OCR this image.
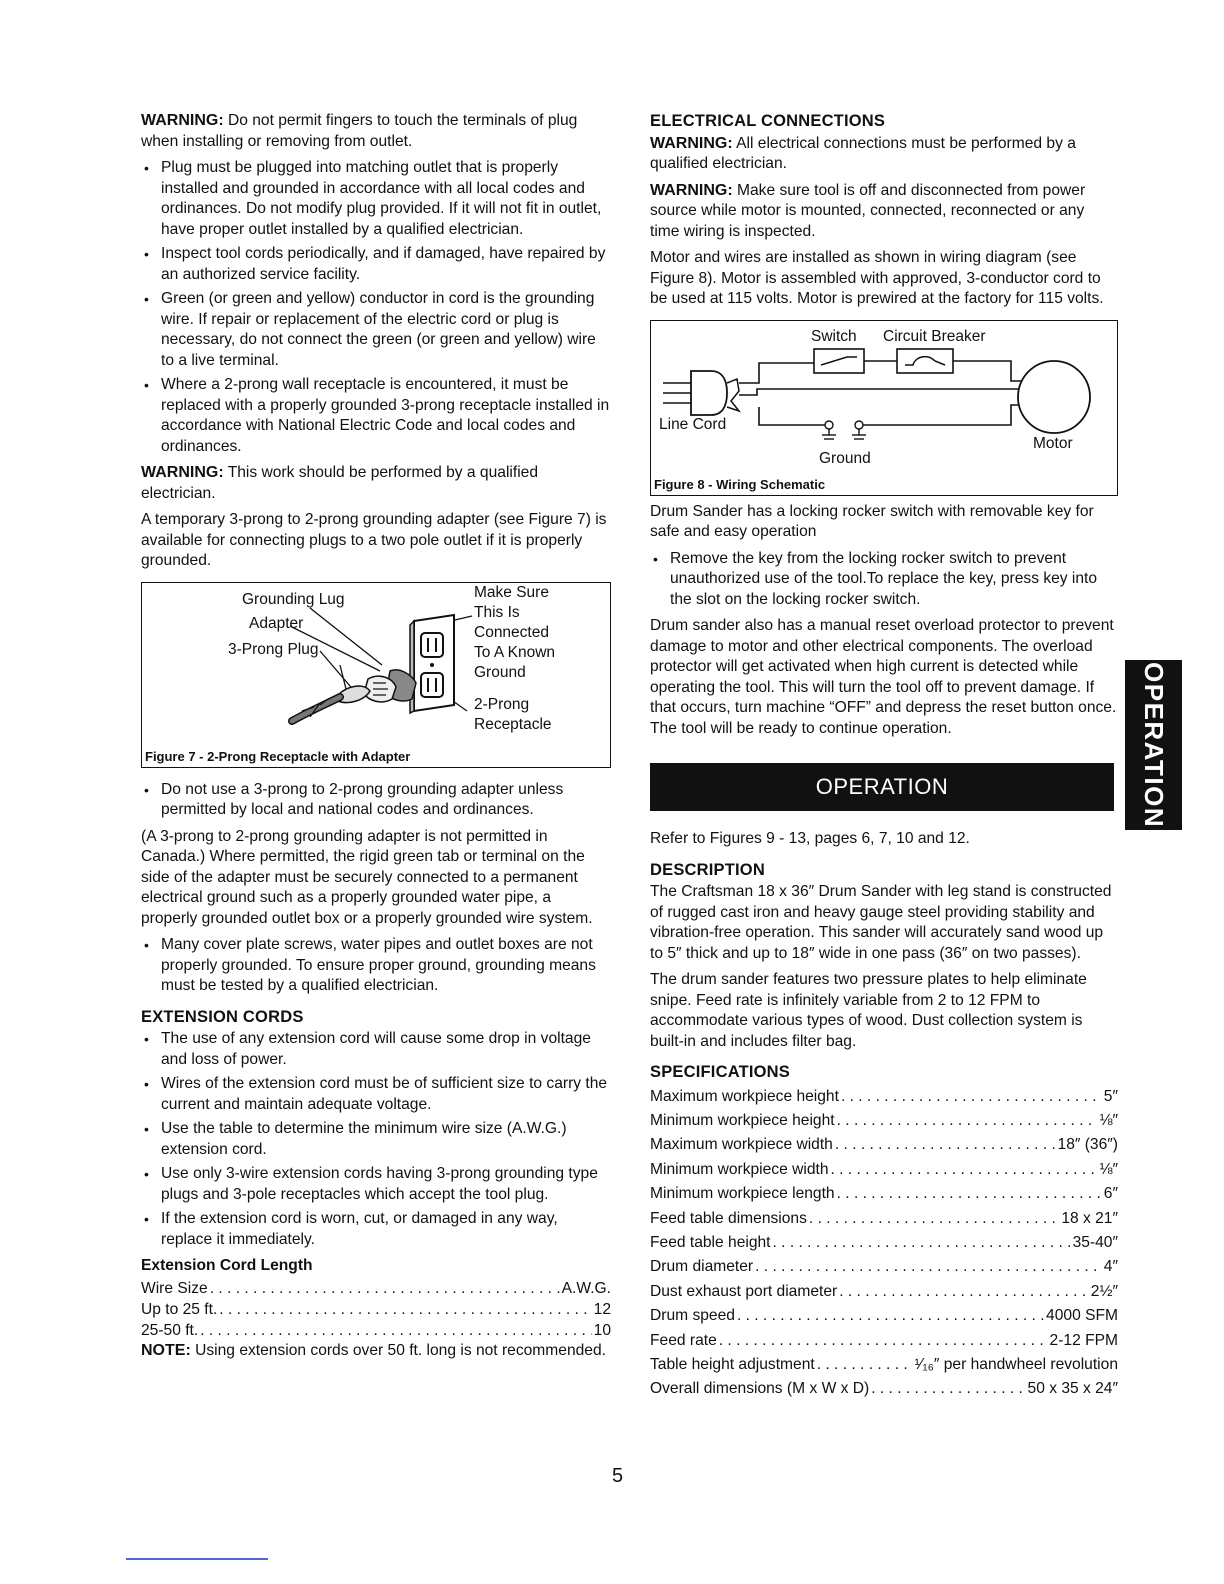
WARNING: Do not permit fingers to touch the terminals of plug when installing or removing from outlet.

• Plug must be plugged into matching outlet that is properly installed and grounded in accordance with all local codes and ordinances. Do not modify plug provided. If it will not fit in outlet, have proper outlet installed by a qualified electrician.
• Inspect tool cords periodically, and if damaged, have repaired by an authorized service facility.
• Green (or green and yellow) conductor in cord is the grounding wire. If repair or replacement of the electric cord or plug is necessary, do not connect the green (or green and yellow) wire to a live terminal.
• Where a 2-prong wall receptacle is encountered, it must be replaced with a properly grounded 3-prong receptacle installed in accordance with National Electric Code and local codes and ordinances.

WARNING: This work should be performed by a qualified electrician.

A temporary 3-prong to 2-prong grounding adapter (see Figure 7) is available for connecting plugs to a two pole outlet if it is properly grounded.

Grounding Lug
Adapter
3-Prong Plug
Make Sure
This Is
Connected
To A Known
Ground
2-Prong
Receptacle
Figure 7 - 2-Prong Receptacle with Adapter
• Do not use a 3-prong to 2-prong grounding adapter unless permitted by local and national codes and ordinances.

(A 3-prong to 2-prong grounding adapter is not permitted in Canada.) Where permitted, the rigid green tab or terminal on the side of the adapter must be securely connected to a permanent electrical ground such as a properly grounded water pipe, a properly grounded outlet box or a properly grounded wire system.

• Many cover plate screws, water pipes and outlet boxes are not properly grounded. To ensure proper ground, grounding means must be tested by a qualified electrician.
EXTENSION CORDS
• The use of any extension cord will cause some drop in voltage and loss of power.
• Wires of the extension cord must be of sufficient size to carry the current and maintain adequate voltage.
• Use the table to determine the minimum wire size (A.W.G.) extension cord.
• Use only 3-wire extension cords having 3-prong grounding type plugs and 3-pole receptacles which accept the tool plug.
• If the extension cord is worn, cut, or damaged in any way, replace it immediately.
Extension Cord Length
Wire Size . . .	A.W.G.
Up to 25 ft. . . .	12
25-50 ft. . . .	10

NOTE: Using extension cords over 50 ft. long is not recommended.

ELECTRICAL CONNECTIONS

WARNING: All electrical connections must be performed by a qualified electrician.

WARNING: Make sure tool is off and disconnected from power source while motor is mounted, connected, reconnected or any time wiring is inspected.

Motor and wires are installed as shown in wiring diagram (see Figure 8). Motor is assembled with approved, 3-conductor cord to be used at 115 volts. Motor is prewired at the factory for 115 volts.

Switch Circuit Breaker
Line Cord
Ground
Motor
Figure 8 - Wiring Schematic

Drum Sander has a locking rocker switch with removable key for safe and easy operation

• Remove the key from the locking rocker switch to prevent unauthorized use of the tool.To replace the key, press key into the slot on the locking rocker switch.

Drum sander also has a manual reset overload protector to prevent damage to motor and other electrical components. The overload protector will get activated when high current is detected while operating the tool. This will turn the tool off to prevent damage. If that occurs, turn machine “OFF” and depress the reset button once. The tool will be ready to continue operation.

OPERATION

Refer to Figures 9 - 13, pages 6, 7, 10 and 12.

DESCRIPTION

The Craftsman 18 x 36″ Drum Sander with leg stand is constructed of rugged cast iron and heavy gauge steel providing stability and vibration-free operation. This sander will accurately sand wood up to 5″ thick and up to 18″ wide in one pass (36″ on two passes).

The drum sander features two pressure plates to help eliminate snipe. Feed rate is infinitely variable from 2 to 12 FPM to accommodate various types of wood. Dust collection system is built-in and includes filter bag.

SPECIFICATIONS
Maximum workpiece height . . .	5″
Minimum workpiece height . . .	⅛″
Maximum workpiece width . . .	18″ (36″)
Minimum workpiece width . . .	⅛″
Minimum workpiece length . . .	6″
Feed table dimensions . . .	18 x 21″
Feed table height . . .	35-40″
Drum diameter . . .	4″
Dust exhaust port diameter . . .	2½″
Drum speed . . .	4000 SFM
Feed rate . . .	2-12 FPM
Table height adjustment . . .	¹⁄₁₆″ per handwheel revolution
Overall dimensions (M x W x D) . . .	50 x 35 x 24″
OPERATION
5
